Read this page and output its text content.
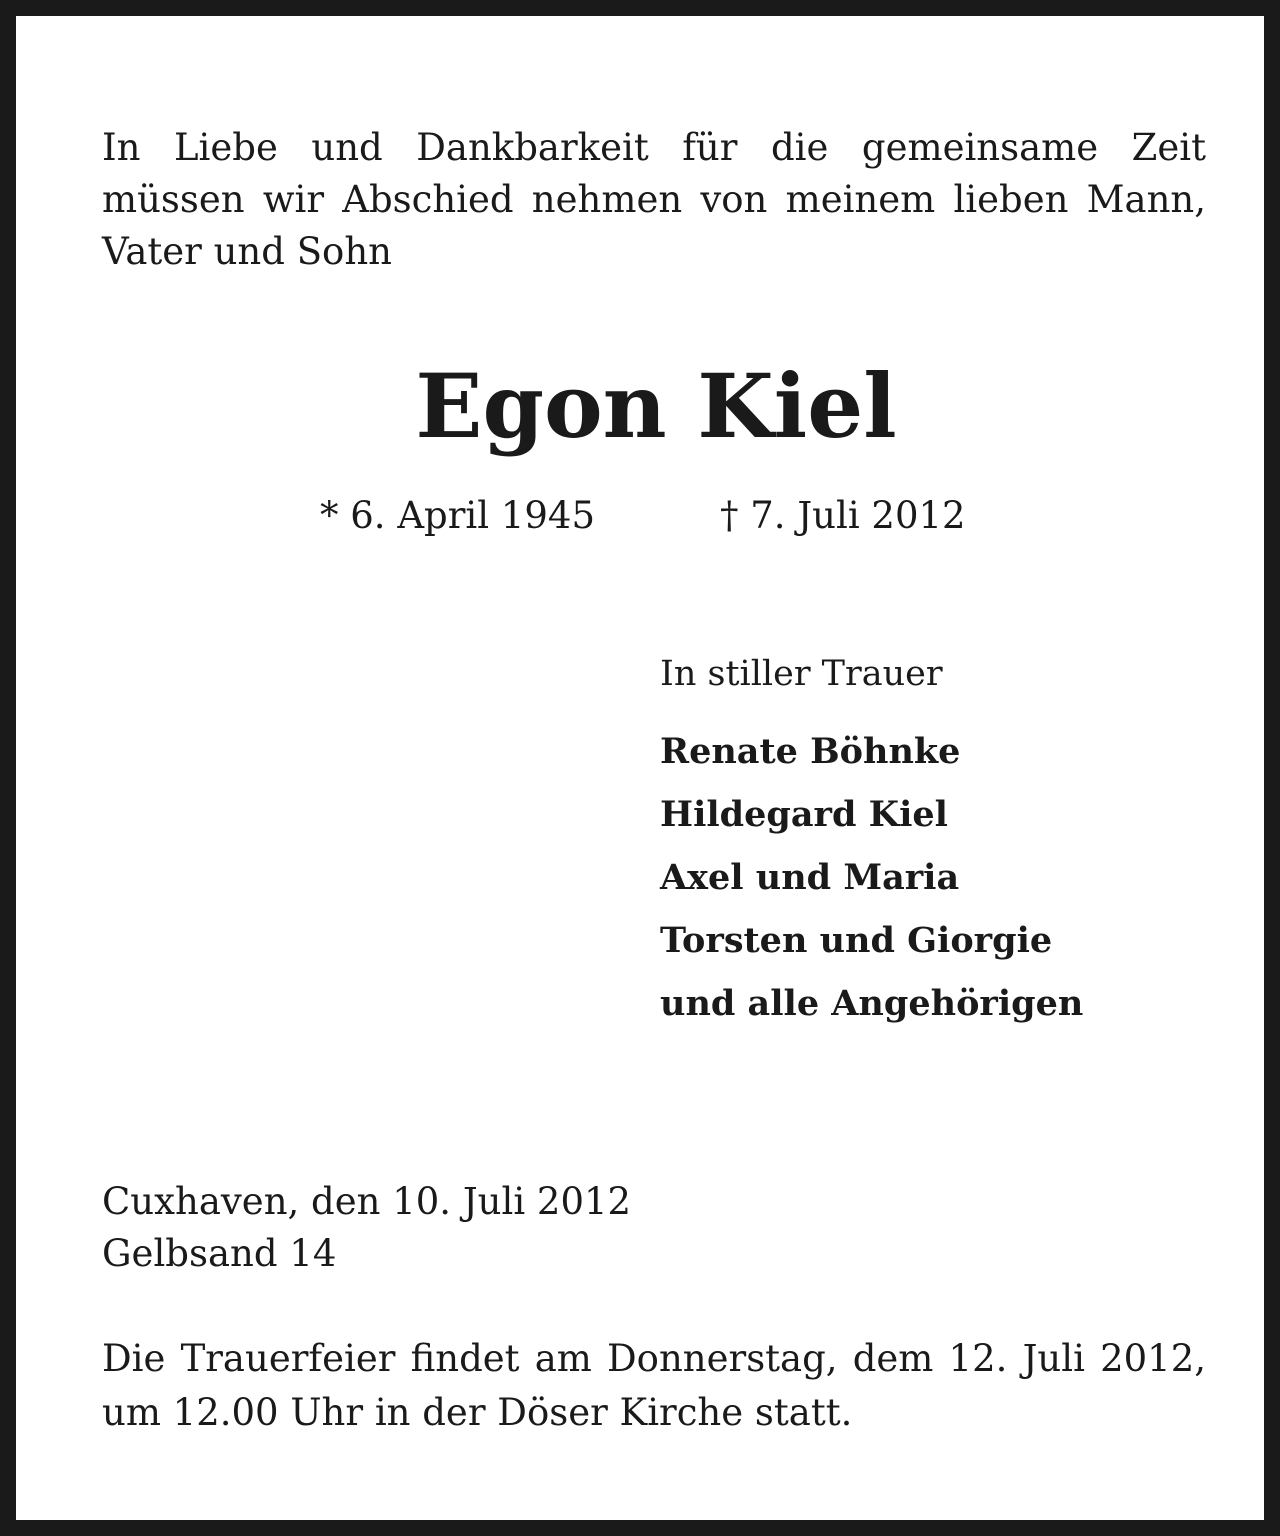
In Liebe und Dankbarkeit für die gemeinsame Zeit müssen wir Abschied nehmen von meinem lieben Mann, Vater und Sohn

Egon Kiel
* 6. April 1945	† 7. Juli 2012

In stiller Trauer

Renate Böhnke
Hildegard Kiel
Axel und Maria
Torsten und Giorgie
und alle Angehörigen
Cuxhaven, den 10. Juli 2012
Gelbsand 14

Die Trauerfeier findet am Donnerstag, dem 12. Juli 2012, um 12.00 Uhr in der Döser Kirche statt.
